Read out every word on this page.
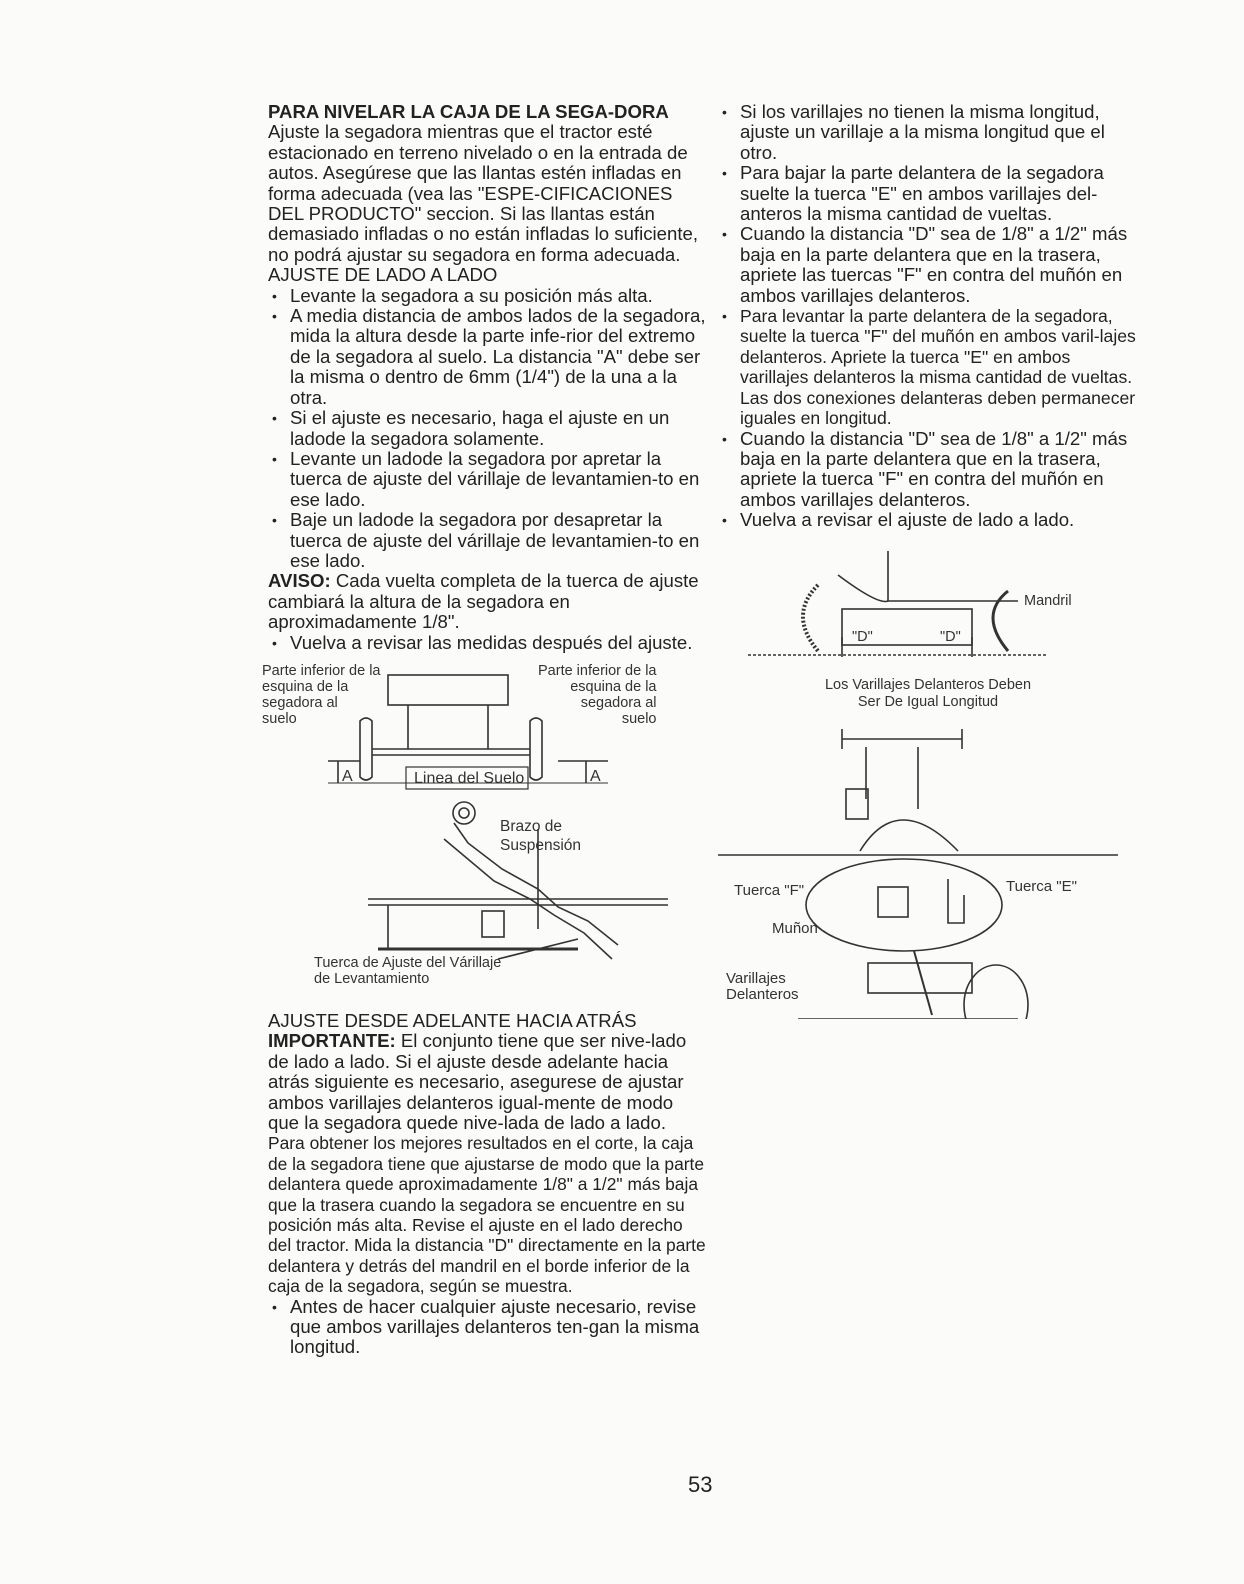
PARA NIVELAR LA CAJA DE LA SEGA-DORA

Ajuste la segadora mientras que el tractor esté estacionado en terreno nivelado o en la entrada de autos. Asegúrese que las llantas estén infladas en forma adecuada (vea las "ESPE-CIFICACIONES DEL PRODUCTO" seccion. Si las llantas están demasiado infladas o no están infladas lo suficiente, no podrá ajustar su segadora en forma adecuada.

AJUSTE DE LADO A LADO
• Levante la segadora a su posición más alta.
• A media distancia de ambos lados de la segadora, mida la altura desde la parte infe-rior del extremo de la segadora al suelo. La distancia "A" debe ser la misma o dentro de 6mm (1/4") de la una a la otra.
• Si el ajuste es necesario, haga el ajuste en un ladode la segadora solamente.
• Levante un ladode la segadora por apretar la tuerca de ajuste del várillaje de levantamien-to en ese lado.
• Baje un ladode la segadora por desapretar la tuerca de ajuste del várillaje de levantamien-to en ese lado.

AVISO: Cada vuelta completa de la tuerca de ajuste cambiará la altura de la segadora en aproximadamente 1/8".

• Vuelva a revisar las medidas después del ajuste.
Parte inferior de la
esquina de la
segadora al
suelo
Parte inferior de la
esquina de la
segadora al
suelo
A	A
Linea del Suelo
Brazo de
Suspensión
Tuerca de Ajuste del Várillaje
de Levantamiento
AJUSTE DESDE ADELANTE HACIA ATRÁS

IMPORTANTE: El conjunto tiene que ser nive-lado de lado a lado. Si el ajuste desde adelante hacia atrás siguiente es necesario, asegurese de ajustar ambos varillajes delanteros igual-mente de modo que la segadora quede nive-lada de lado a lado.

Para obtener los mejores resultados en el corte, la caja de la segadora tiene que ajustarse de modo que la parte delantera quede aproximadamente 1/8" a 1/2" más baja que la trasera cuando la segadora se encuentre en su posición más alta. Revise el ajuste en el lado derecho del tractor. Mida la distancia "D" directamente en la parte delantera y detrás del mandril en el borde inferior de la caja de la segadora, según se muestra.

• Antes de hacer cualquier ajuste necesario, revise que ambos varillajes delanteros ten-gan la misma longitud.
• Si los varillajes no tienen la misma longitud, ajuste un varillaje a la misma longitud que el otro.
• Para bajar la parte delantera de la segadora suelte la tuerca "E" en ambos varillajes del-anteros la misma cantidad de vueltas.
• Cuando la distancia "D" sea de 1/8" a 1/2" más baja en la parte delantera que en la trasera, apriete las tuercas "F" en contra del muñón en ambos varillajes delanteros.
• Para levantar la parte delantera de la segadora, suelte la tuerca "F" del muñón en ambos varil-lajes delanteros. Apriete la tuerca "E" en ambos varillajes delanteros la misma cantidad de vueltas. Las dos conexiones delanteras deben permanecer iguales en longitud.
• Cuando la distancia "D" sea de 1/8" a 1/2" más baja en la parte delantera que en la trasera, apriete la tuerca "F" en contra del muñón en ambos varillajes delanteros.
• Vuelva a revisar el ajuste de lado a lado.
Mandril
"D"	"D"

Los Varillajes Delanteros Deben
Ser De Igual Longitud

Tuerca "F"	Tuerca "E"
Muñon
Varillajes
Delanteros
53
